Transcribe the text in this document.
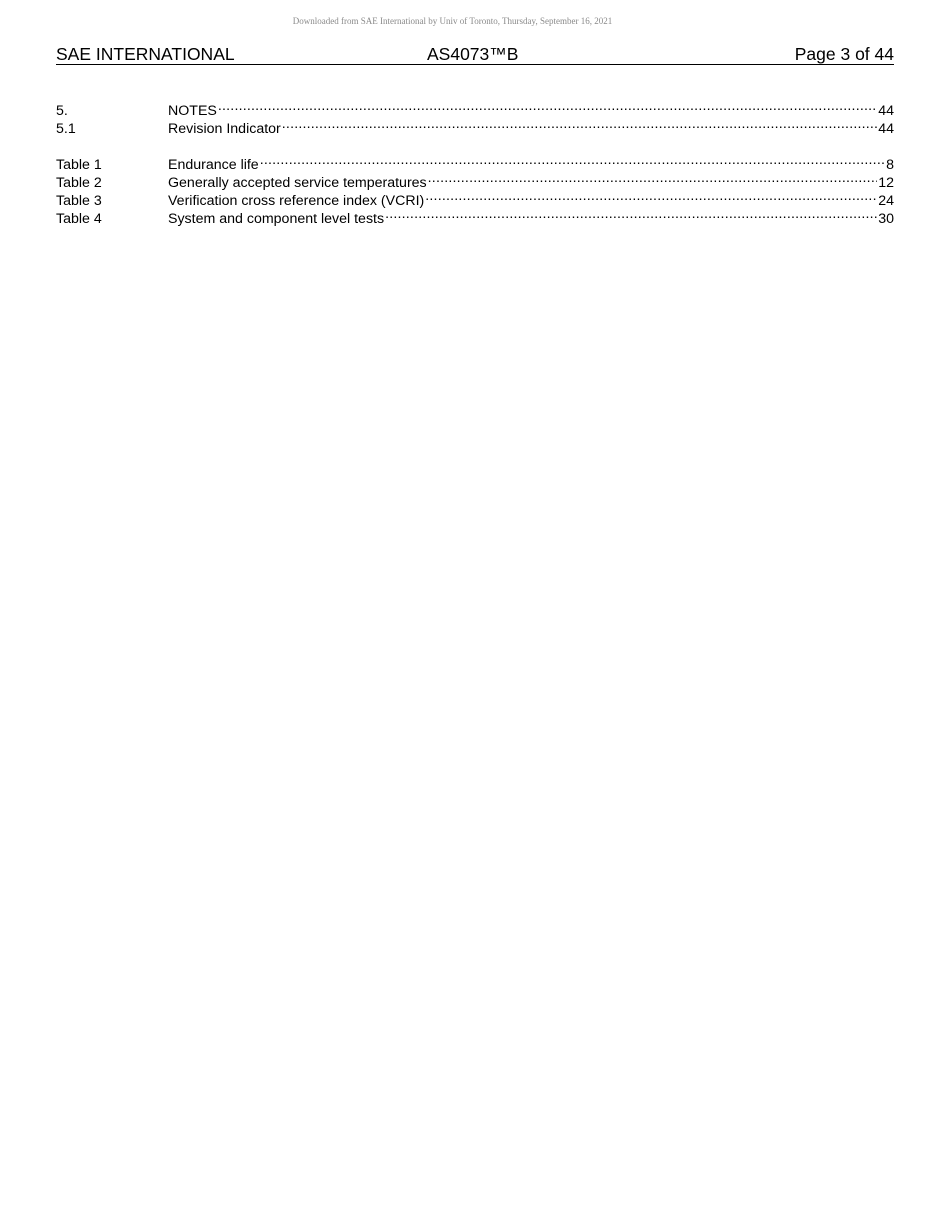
Downloaded from SAE International by Univ of Toronto, Thursday, September 16, 2021
SAE INTERNATIONAL	AS4073™B	Page 3 of 44
5.	NOTES .....	44
5.1	Revision Indicator .....	44
Table 1	Endurance life .....	8
Table 2	Generally accepted service temperatures .....	12
Table 3	Verification cross reference index (VCRI) .....	24
Table 4	System and component level tests .....	30
